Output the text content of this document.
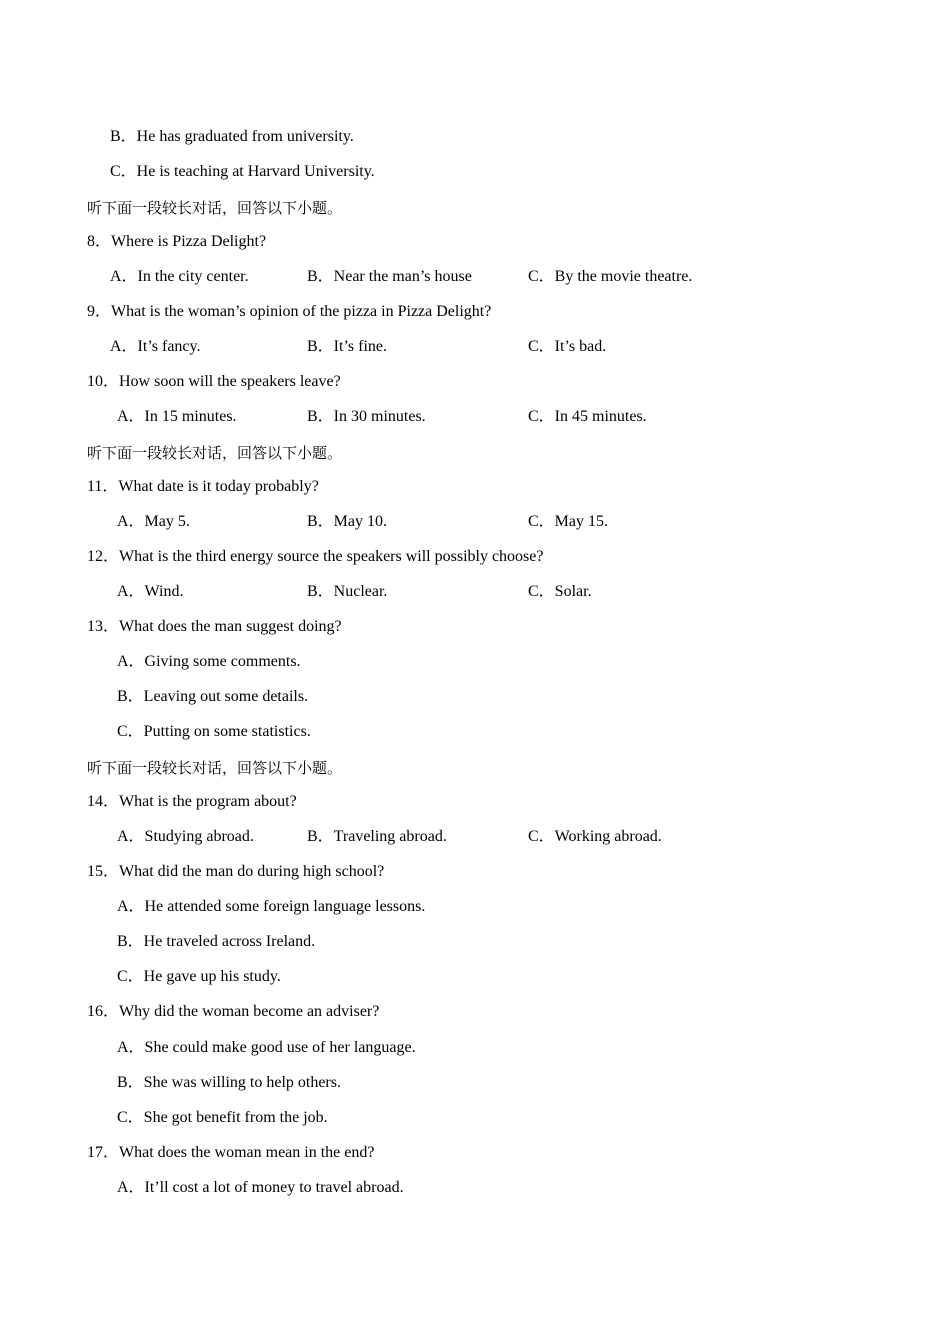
B．He has graduated from university.
C．He is teaching at Harvard University.
听下面一段较长对话，回答以下小题。
8．Where is Pizza Delight?
A．In the city center.	B．Near the man’s house	C．By the movie theatre.
9．What is the woman’s opinion of the pizza in Pizza Delight?
A．It’s fancy.	B．It’s fine.	C．It’s bad.
10．How soon will the speakers leave?
A．In 15 minutes.	B．In 30 minutes.	C．In 45 minutes.
听下面一段较长对话，回答以下小题。
11．What date is it today probably?
A．May 5.	B．May 10.	C．May 15.
12．What is the third energy source the speakers will possibly choose?
A．Wind.	B．Nuclear.	C．Solar.
13．What does the man suggest doing?
A．Giving some comments.
B．Leaving out some details.
C．Putting on some statistics.
听下面一段较长对话，回答以下小题。
14．What is the program about?
A．Studying abroad.	B．Traveling abroad.	C．Working abroad.
15．What did the man do during high school?
A．He attended some foreign language lessons.
B．He traveled across Ireland.
C．He gave up his study.
16．Why did the woman become an adviser?
A．She could make good use of her language.
B．She was willing to help others.
C．She got benefit from the job.
17．What does the woman mean in the end?
A．It’ll cost a lot of money to travel abroad.
